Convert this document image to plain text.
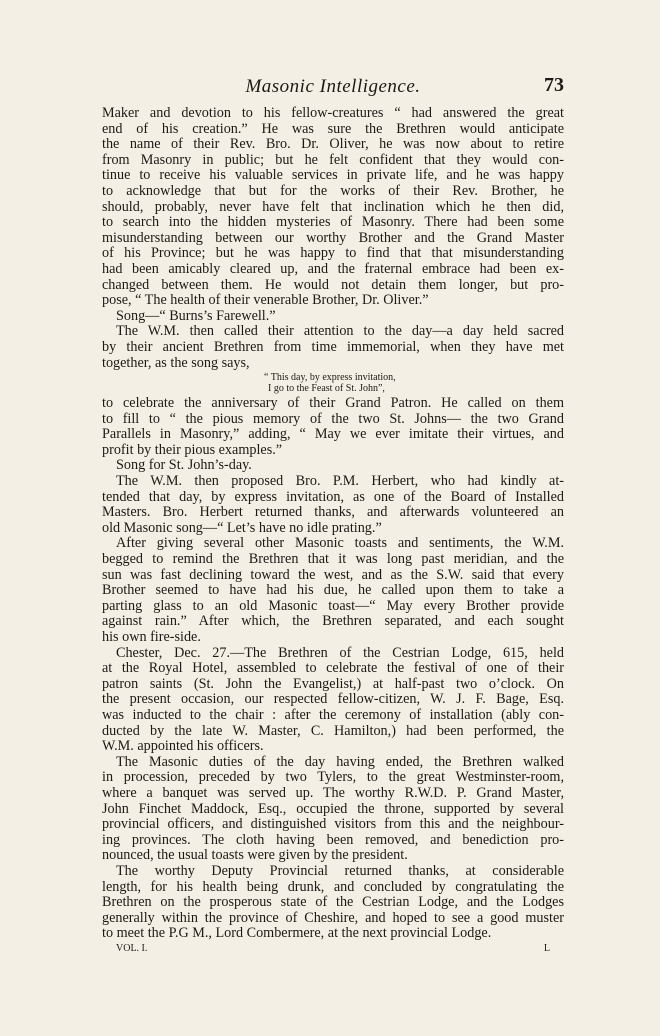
Masonic Intelligence.	73
Maker and devotion to his fellow-creatures “ had answered the great
end of his creation.” He was sure the Brethren would anticipate
the name of their Rev. Bro. Dr. Oliver, he was now about to retire
from Masonry in public; but he felt confident that they would con-
tinue to receive his valuable services in private life, and he was happy
to acknowledge that but for the works of their Rev. Brother, he
should, probably, never have felt that inclination which he then did,
to search into the hidden mysteries of Masonry. There had been some
misunderstanding between our worthy Brother and the Grand Master
of his Province; but he was happy to find that that misunderstanding
had been amicably cleared up, and the fraternal embrace had been ex-
changed between them. He would not detain them longer, but pro-
pose, “ The health of their venerable Brother, Dr. Oliver.”
Song—“ Burns’s Farewell.”
The W.M. then called their attention to the day—a day held sacred
by their ancient Brethren from time immemorial, when they have met
together, as the song says,
“ This day, by express invitation,
I go to the Feast of St. John”,
to celebrate the anniversary of their Grand Patron. He called on them
to fill to “ the pious memory of the two St. Johns— the two Grand
Parallels in Masonry,” adding, “ May we ever imitate their virtues, and
profit by their pious examples.”
Song for St. John’s-day.
The W.M. then proposed Bro. P.M. Herbert, who had kindly at-
tended that day, by express invitation, as one of the Board of Installed
Masters. Bro. Herbert returned thanks, and afterwards volunteered an
old Masonic song—“ Let’s have no idle prating.”
After giving several other Masonic toasts and sentiments, the W.M.
begged to remind the Brethren that it was long past meridian, and the
sun was fast declining toward the west, and as the S.W. said that every
Brother seemed to have had his due, he called upon them to take a
parting glass to an old Masonic toast—“ May every Brother provide
against rain.” After which, the Brethren separated, and each sought
his own fire-side.
Chester, Dec. 27.—The Brethren of the Cestrian Lodge, 615, held
at the Royal Hotel, assembled to celebrate the festival of one of their
patron saints (St. John the Evangelist,) at half-past two o’clock. On
the present occasion, our respected fellow-citizen, W. J. F. Bage, Esq.
was inducted to the chair : after the ceremony of installation (ably con-
ducted by the late W. Master, C. Hamilton,) had been performed, the
W.M. appointed his officers.
The Masonic duties of the day having ended, the Brethren walked
in procession, preceded by two Tylers, to the great Westminster-room,
where a banquet was served up. The worthy R.W.D. P. Grand Master,
John Finchet Maddock, Esq., occupied the throne, supported by several
provincial officers, and distinguished visitors from this and the neighbour-
ing provinces. The cloth having been removed, and benediction pro-
nounced, the usual toasts were given by the president.
The worthy Deputy Provincial returned thanks, at considerable
length, for his health being drunk, and concluded by congratulating the
Brethren on the prosperous state of the Cestrian Lodge, and the Lodges
generally within the province of Cheshire, and hoped to see a good muster
to meet the P.G M., Lord Combermere, at the next provincial Lodge.
VOL. I.	L
